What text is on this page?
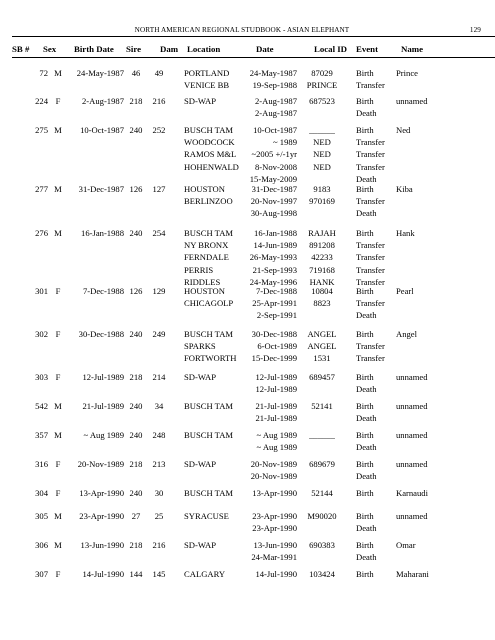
NORTH AMERICAN REGIONAL STUDBOOK - ASIAN ELEPHANT	129
SB # Sex Birth Date Sire Dam Location	Date	Local ID Event	Name
72 M	24-May-1987 46	49	Prince
PORTLAND	24-May-1987	87029	Birth
VENICE BB	19-Sep-1988	PRINCE	Transfer
224 F	2-Aug-1987 218	216	unnamed
SD-WAP	2-Aug-1987	687523	Birth
2-Aug-1987	Death
275 M	10-Oct-1987 240	252	Ned
BUSCH TAM	10-Oct-1987	______	Birth
WOODCOCK	~ 1989	NED	Transfer
RAMOS M&L	~2005 +/-1yr	NED	Transfer
HOHENWALD	8-Nov-2008	NED	Transfer
15-May-2009	Death
277 M	31-Dec-1987 126	127	Kiba
HOUSTON	31-Dec-1987	9183	Birth
BERLINZOO	20-Nov-1997	970169	Transfer
30-Aug-1998	Death
276 M	16-Jan-1988 240	254	Hank
BUSCH TAM	16-Jan-1988	RAJAH	Birth
NY BRONX	14-Jun-1989	891208	Transfer
FERNDALE	26-May-1993	42233	Transfer
PERRIS	21-Sep-1993	719168	Transfer
RIDDLES	24-May-1996	HANK	Transfer
301 F	7-Dec-1988 126	129	Pearl
HOUSTON	7-Dec-1988	10804	Birth
CHICAGOLP	25-Apr-1991	8823	Transfer
2-Sep-1991	Death
302 F	30-Dec-1988 240	249	Angel
BUSCH TAM	30-Dec-1988	ANGEL	Birth
SPARKS	6-Oct-1989	ANGEL	Transfer
FORTWORTH	15-Dec-1999	1531	Transfer
303 F	12-Jul-1989 218	214	unnamed
SD-WAP	12-Jul-1989	689457	Birth
12-Jul-1989	Death
542 M	21-Jul-1989 240	34	unnamed
BUSCH TAM	21-Jul-1989	52141	Birth
21-Jul-1989	Death
357 M	~ Aug 1989 240	248	unnamed
BUSCH TAM	~ Aug 1989	______	Birth
~ Aug 1989	Death
316 F	20-Nov-1989 218	213	unnamed
SD-WAP	20-Nov-1989	689679	Birth
20-Nov-1989	Death
304 F	13-Apr-1990 240	30	Karnaudi
BUSCH TAM	13-Apr-1990	52144	Birth
305 M	23-Apr-1990 27	25	unnamed
SYRACUSE	23-Apr-1990	M90020	Birth
23-Apr-1990	Death
306 M	13-Jun-1990 218	216	Omar
SD-WAP	13-Jun-1990	690383	Birth
24-Mar-1991	Death
307 F	14-Jul-1990 144	145	Maharani
CALGARY	14-Jul-1990	103424	Birth
